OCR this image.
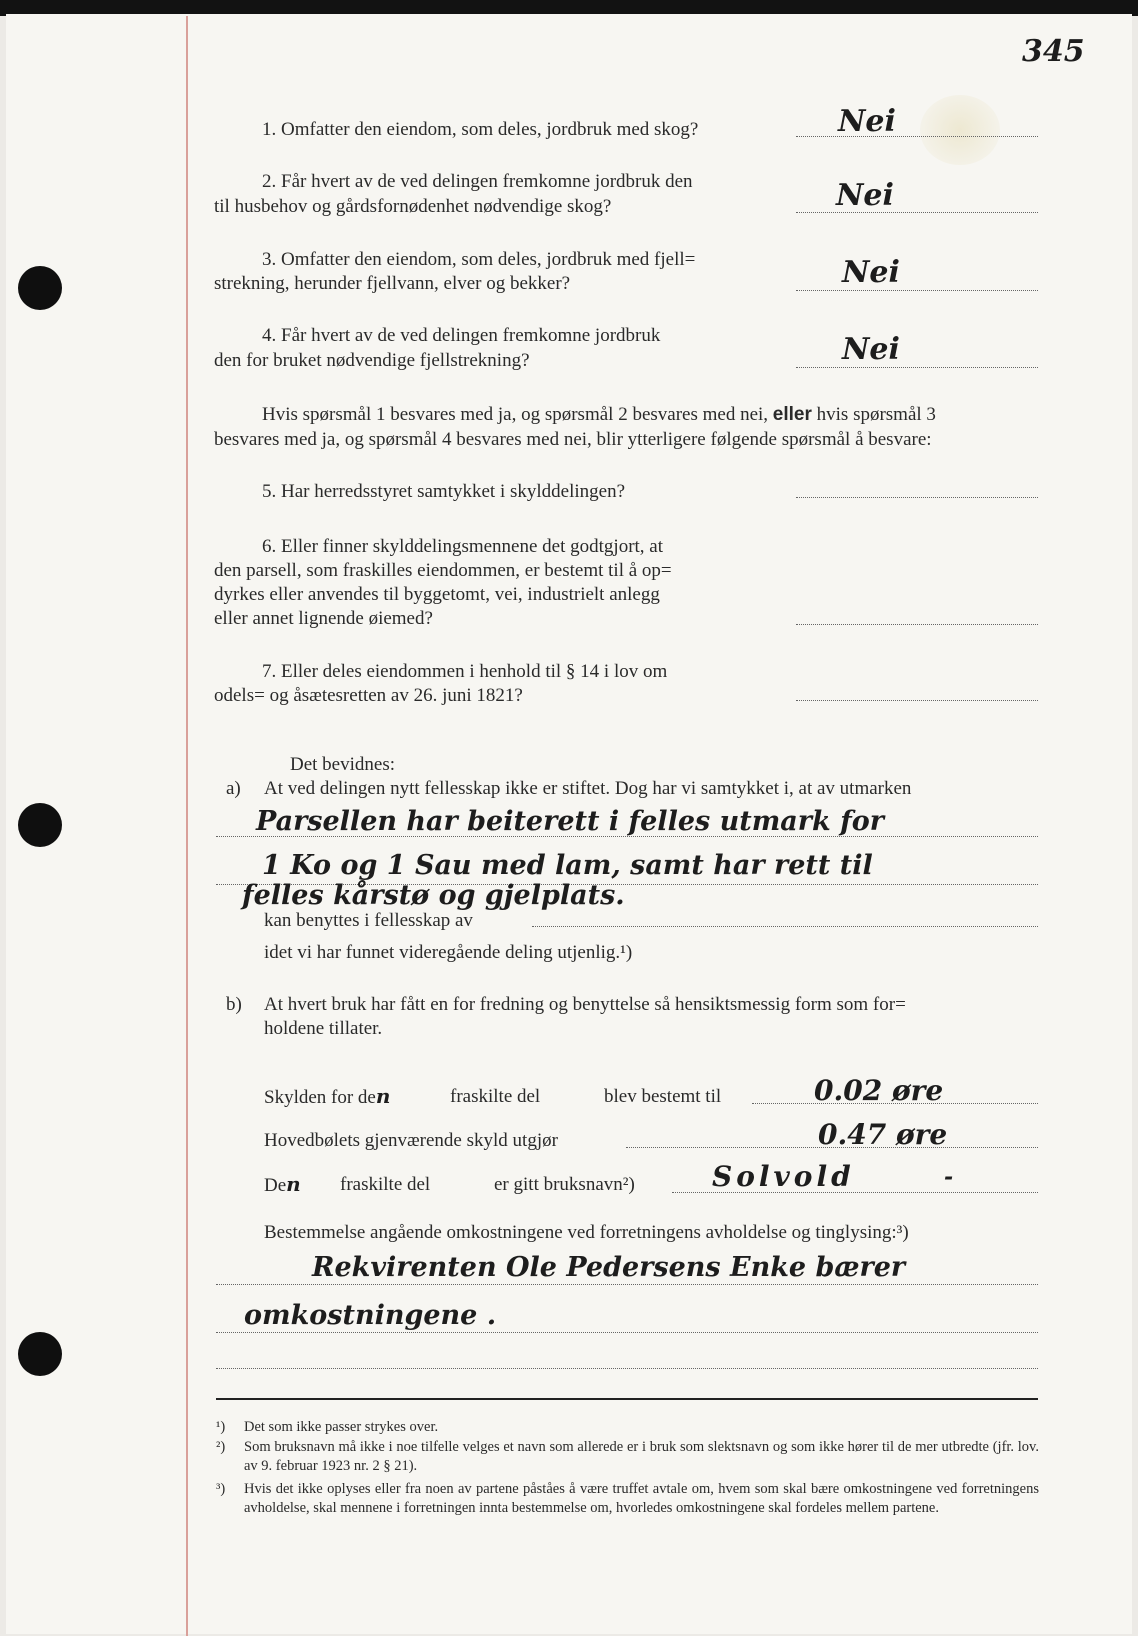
345
1. Omfatter den eiendom, som deles, jordbruk med skog?	Nei
2. Får hvert av de ved delingen fremkomne jordbruk den
til husbehov og gårdsfornødenhet nødvendige skog?	Nei
3. Omfatter den eiendom, som deles, jordbruk med fjell=
strekning, herunder fjellvann, elver og bekker?	Nei
4. Får hvert av de ved delingen fremkomne jordbruk
den for bruket nødvendige fjellstrekning?	Nei
Hvis spørsmål 1 besvares med ja, og spørsmål 2 besvares med nei, eller hvis spørsmål 3
besvares med ja, og spørsmål 4 besvares med nei, blir ytterligere følgende spørsmål å besvare:
5. Har herredsstyret samtykket i skylddelingen?
6. Eller finner skylddelingsmennene det godtgjort, at
den parsell, som fraskilles eiendommen, er bestemt til å op=
dyrkes eller anvendes til byggetomt, vei, industrielt anlegg
eller annet lignende øiemed?
7. Eller deles eiendommen i henhold til § 14 i lov om
odels= og åsætesretten av 26. juni 1821?
Det bevidnes:
a) At ved delingen nytt fellesskap ikke er stiftet. Dog har vi samtykket i, at av utmarken
Parsellen har beiterett i felles utmark for
1 Ko og 1 Sau med lam, samt har rett til
felles kårstø og gjelplats.
kan benyttes i fellesskap av
idet vi har funnet videregående deling utjenlig.¹)
b) At hvert bruk har fått en for fredning og benyttelse så hensiktsmessig form som for=
holdene tillater.
Skylden for den	fraskilte del	blev bestemt til	0.02 øre
Hovedbølets gjenværende skyld utgjør	0.47 øre
Den fraskilte del	er gitt bruksnavn²)	Solvold	-
Bestemmelse angående omkostningene ved forretningens avholdelse og tinglysing:³)
Rekvirenten Ole Pedersens Enke bærer
omkostningene .
¹) Det som ikke passer strykes over.
²) Som bruksnavn må ikke i noe tilfelle velges et navn som allerede er i bruk som slektsnavn og som ikke hører til de mer utbredte (jfr. lov. av 9. februar 1923 nr. 2 § 21).
³) Hvis det ikke oplyses eller fra noen av partene påståes å være truffet avtale om, hvem som skal bære omkostningene ved forretningens avholdelse, skal mennene i forretningen innta bestemmelse om, hvorledes omkostningene skal fordeles mellem partene.
